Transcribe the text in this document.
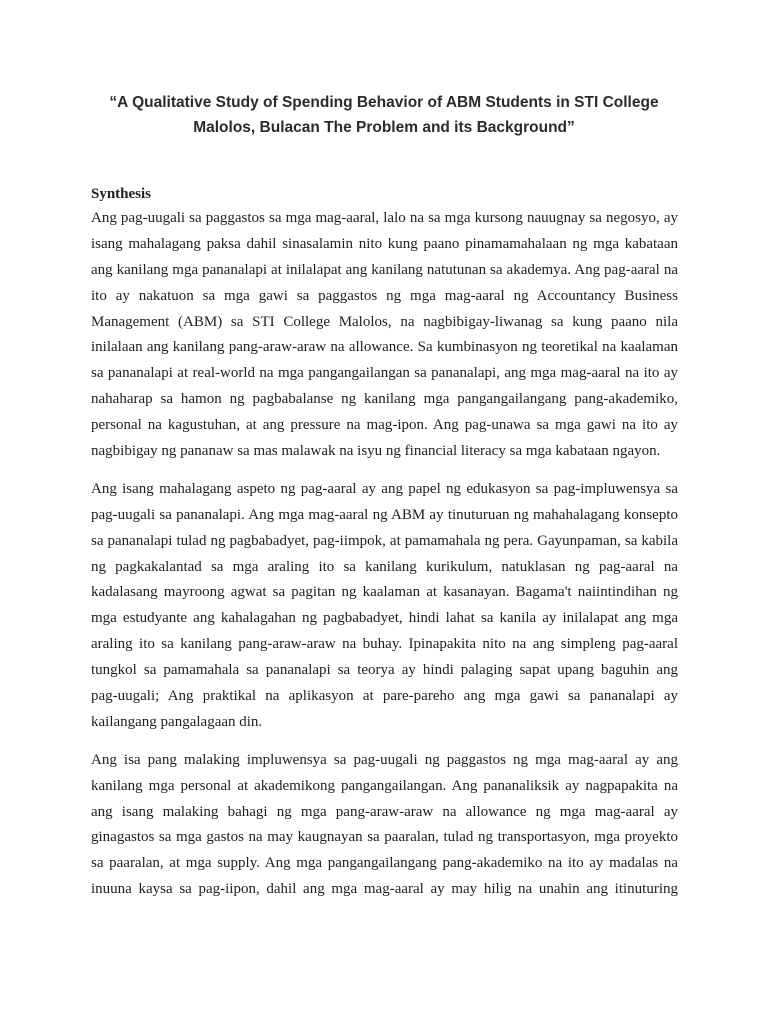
“A Qualitative Study of Spending Behavior of ABM Students in STI College
Malolos, Bulacan The Problem and its Background”
Synthesis
Ang pag-uugali sa paggastos sa mga mag-aaral, lalo na sa mga kursong nauugnay sa negosyo, ay
isang mahalagang paksa dahil sinasalamin nito kung paano pinamamahalaan ng mga kabataan
ang kanilang mga pananalapi at inilalapat ang kanilang natutunan sa akademya. Ang pag-aaral na
ito ay nakatuon sa mga gawi sa paggastos ng mga mag-aaral ng Accountancy Business
Management (ABM) sa STI College Malolos, na nagbibigay-liwanag sa kung paano nila
inilalaan ang kanilang pang-araw-araw na allowance. Sa kumbinasyon ng teoretikal na kaalaman
sa pananalapi at real-world na mga pangangailangan sa pananalapi, ang mga mag-aaral na ito ay
nahaharap sa hamon ng pagbabalanse ng kanilang mga pangangailangang pang-akademiko,
personal na kagustuhan, at ang pressure na mag-ipon. Ang pag-unawa sa mga gawi na ito ay
nagbibigay ng pananaw sa mas malawak na isyu ng financial literacy sa mga kabataan ngayon.
Ang isang mahalagang aspeto ng pag-aaral ay ang papel ng edukasyon sa pag-impluwensya sa
pag-uugali sa pananalapi. Ang mga mag-aaral ng ABM ay tinuturuan ng mahahalagang konsepto
sa pananalapi tulad ng pagbabadyet, pag-iimpok, at pamamahala ng pera. Gayunpaman, sa kabila
ng pagkakalantad sa mga araling ito sa kanilang kurikulum, natuklasan ng pag-aaral na
kadalasang mayroong agwat sa pagitan ng kaalaman at kasanayan. Bagama't naiintindihan ng
mga estudyante ang kahalagahan ng pagbabadyet, hindi lahat sa kanila ay inilalapat ang mga
araling ito sa kanilang pang-araw-araw na buhay. Ipinapakita nito na ang simpleng pag-aaral
tungkol sa pamamahala sa pananalapi sa teorya ay hindi palaging sapat upang baguhin ang
pag-uugali; Ang praktikal na aplikasyon at pare-pareho ang mga gawi sa pananalapi ay
kailangang pangalagaan din.
Ang isa pang malaking impluwensya sa pag-uugali ng paggastos ng mga mag-aaral ay ang
kanilang mga personal at akademikong pangangailangan. Ang pananaliksik ay nagpapakita na
ang isang malaking bahagi ng mga pang-araw-araw na allowance ng mga mag-aaral ay
ginagastos sa mga gastos na may kaugnayan sa paaralan, tulad ng transportasyon, mga proyekto
sa paaralan, at mga supply. Ang mga pangangailangang pang-akademiko na ito ay madalas na
inuuna kaysa sa pag-iipon, dahil ang mga mag-aaral ay may hilig na unahin ang itinuturing
